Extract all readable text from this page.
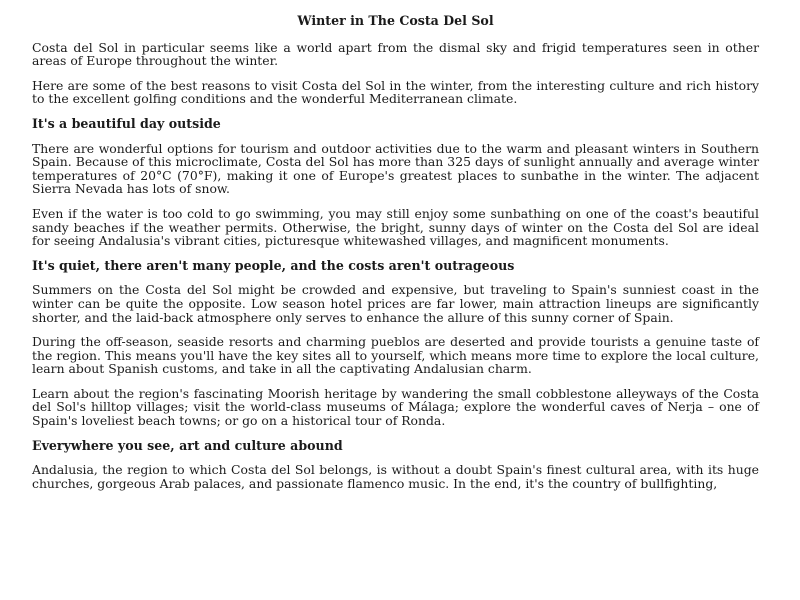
Winter in The Costa Del Sol

Costa del Sol in particular seems like a world apart from the dismal sky and frigid temperatures seen in other areas of Europe throughout the winter.

Here are some of the best reasons to visit Costa del Sol in the winter, from the interesting culture and rich history to the excellent golfing conditions and the wonderful Mediterranean climate.

It's a beautiful day outside

There are wonderful options for tourism and outdoor activities due to the warm and pleasant winters in Southern Spain. Because of this microclimate, Costa del Sol has more than 325 days of sunlight annually and average winter temperatures of 20°C (70°F), making it one of Europe's greatest places to sunbathe in the winter. The adjacent Sierra Nevada has lots of snow.

Even if the water is too cold to go swimming, you may still enjoy some sunbathing on one of the coast's beautiful sandy beaches if the weather permits. Otherwise, the bright, sunny days of winter on the Costa del Sol are ideal for seeing Andalusia's vibrant cities, picturesque whitewashed villages, and magnificent monuments.

It's quiet, there aren't many people, and the costs aren't outrageous

Summers on the Costa del Sol might be crowded and expensive, but traveling to Spain's sunniest coast in the winter can be quite the opposite. Low season hotel prices are far lower, main attraction lineups are significantly shorter, and the laid-back atmosphere only serves to enhance the allure of this sunny corner of Spain.

During the off-season, seaside resorts and charming pueblos are deserted and provide tourists a genuine taste of the region. This means you'll have the key sites all to yourself, which means more time to explore the local culture, learn about Spanish customs, and take in all the captivating Andalusian charm.

Learn about the region's fascinating Moorish heritage by wandering the small cobblestone alleyways of the Costa del Sol's hilltop villages; visit the world-class museums of Málaga; explore the wonderful caves of Nerja – one of Spain's loveliest beach towns; or go on a historical tour of Ronda.

Everywhere you see, art and culture abound

Andalusia, the region to which Costa del Sol belongs, is without a doubt Spain's finest cultural area, with its huge churches, gorgeous Arab palaces, and passionate flamenco music. In the end, it's the country of bullfighting,
